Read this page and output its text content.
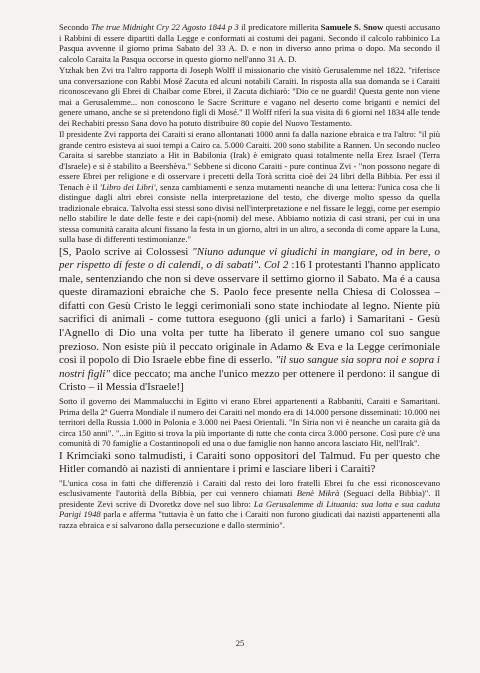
Secondo The true Midnight Cry 22 Agosto 1844 p 3 il predicatore millerita Samuele S. Snow questi accusano i Rabbini di essere dipartiti dalla Legge e conformati ai costumi dei pagani. Secondo il calcolo rabbinico La Pasqua avvenne il giorno prima Sabato del 33 A. D. e non in diverso anno prima o dopo. Ma secondo il calcolo Caraita la Pasqua occorse in questo giorno nell'anno 31 A. D.

Ytzhak ben Zvi tra l'altro rapporta di Joseph Wolff il missionario che visitò Gerusalemme nel 1822. "riferisce una conversazione con Rabbi Mosé Zacuta ed alcuni notabili Caraiti. In risposta alla sua domanda se i Caraiti riconoscevano gli Ebrei di Chaibar come Ebrei, il Zacuta dichiarò: "Dio ce ne guardi! Questa gente non viene mai a Gerusalemme... non conoscono le Sacre Scritture e vagano nel deserto come briganti e nemici del genere umano, anche se si pretendono figli di Mosé." Il Wolff riferì la sua visita di 6 giorni nel 1834 alle tende dei Rechabiti presso Sana dovo ha potuto distribuire 80 copie del Nuovo Testamento.

Il presidente Zvi rapporta dei Caraiti si erano allontanati 1000 anni fa dalla nazione ebraica e tra l'altro: "il più grande centro esisteva ai suoi tempi a Cairo ca. 5.000 Caraiti. 200 sono stabilite a Rannen. Un secondo nucleo Caraita si sarebbe stanziato a Hit in Babilonia (Irak) è emigrato quasi totalmente nella Erez Israel (Terra d'Israele) e si è stabilito a Beershèva." Sebbene si dicono Caraiti - pure continua Zvi - "non possono negare di essere Ebrei per religione e di osservare i precetti della Torà scritta cioè dei 24 libri della Bibbia. Per essi il Tenach è il 'Libro dei Libri', senza cambiamenti e senza mutamenti neanche di una lettera: l'unica cosa che li distingue dagli altri ebrei consiste nella interpretazione del testo, che diverge molto spesso da quella tradizionale ebraica. Talvolta essi stessi sono divisi nell'interpretazione e nel fissare le leggi, come per esempio nello stabilire le date delle feste e dei capi-(nomi) del mese. Abbiamo notizia di casi strani, per cui in una stessa comunità caraita alcuni fissano la festa in un giorno, altri in un altro, a seconda di come appare la Luna, sulla base di differenti testimonianze."

[S, Paolo scrive ai Colossesi "Niuno adunque vi giudichi in mangiare, od in bere, o per rispetto di feste o di calendi, o di sabati". Col 2 :16 I protestanti l'hanno applicato male, sentenziando che non si deve osservare il settimo giorno il Sabato. Ma é a causa queste diramazioni ebraiche che S. Paolo fece presente nella Chiesa di Colossea – difatti con Gesù Cristo le leggi cerimoniali sono state inchiodate al legno. Niente più sacrifici di animali - come tuttora eseguono (gli unici a farlo) i Samaritani - Gesù l'Agnello di Dio una volta per tutte ha liberato il genere umano col suo sangue prezioso. Non esiste più il peccato originale in Adamo & Eva e la Legge cerimoniale così il popolo di Dio Israele ebbe fine di esserlo. "il suo sangue sia sopra noi e sopra i nostri figli" dice peccato; ma anche l'unico mezzo per ottenere il perdono: il sangue di Cristo – il Messia d'Israele!]

Sotto il governo dei Mammalucchi in Egitto vi erano Ebrei appartenenti a Rabbaniti, Caraiti e Samaritani. Prima della 2ª Guerra Mondiale il numero dei Caraiti nel mondo era di 14.000 persone disseminati: 10.000 nei territori della Russia 1.000 in Polonia e 3.000 nei Paesi Orientali. "In Siria non vi è neanche un caraita già da circa 150 anni". "...in Egitto si trova la più importante di tutte che conta circa 3.000 persone. Così pure c'è una comunità di 70 famiglie a Costantinopoli ed una o due famiglie non hanno ancora lasciato Hit, nell'Irak".

I Krimciaki sono talmudisti, i Caraiti sono oppositori del Talmud. Fu per questo che Hitler comandò ai nazisti di annientare i primi e lasciare liberi i Caraiti?

"L'unica cosa in fatti che differenziò i Caraiti dal resto dei loro fratelli Ebrei fu che essi riconoscevano esclusivamente l'autorità della Bibbia, per cui vennero chiamati Benè Mikrà (Seguaci della Bibbia)". Il presidente Zevi scrive di Dvoretkz dove nel suo libro: La Gerusalemme di Lituania: sua lotta e sua caduta Parigi 1948 parla e afferma "tuttavia è un fatto che i Caraiti non furono giudicati dai nazisti appartenenti alla razza ebraica e si salvarono dalla persecuzione e dallo sterminio".

25
